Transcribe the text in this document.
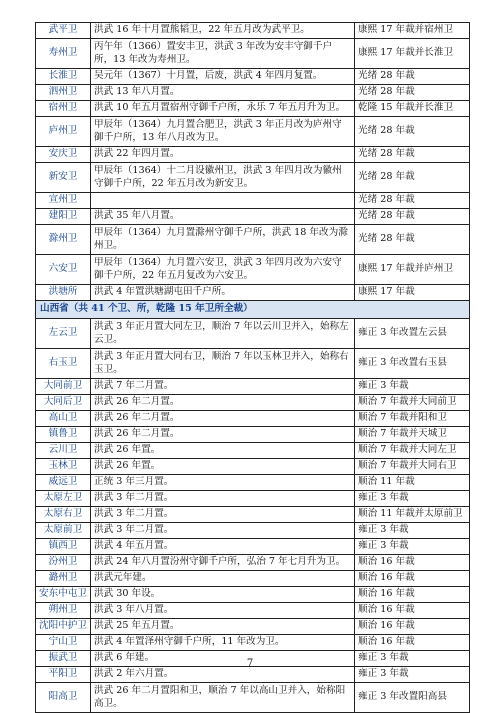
武平卫	洪武 16 年十月置熊韬卫，22 年五月改为武平卫。	康熙 17 年裁并宿州卫
寿州卫	丙午年（1366）置安丰卫，洪武 3 年改为安丰守御千户所，13 年改为寿州卫。	康熙 17 年裁并长淮卫
长淮卫	吴元年（1367）十月置，后废，洪武 4 年四月复置。	光绪 28 年裁
泗州卫	洪武 13 年八月置。	光绪 28 年裁
宿州卫	洪武 10 年五月置宿州守御千户所，永乐 7 年五月升为卫。	乾隆 15 年裁并长淮卫
庐州卫	甲辰年（1364）九月置合肥卫，洪武 3 年正月改为庐州守御千户所，13 年八月改为卫。	光绪 28 年裁
安庆卫	洪武 22 年四月置。	光绪 28 年裁
新安卫	甲辰年（1364）十二月设徽州卫，洪武 3 年四月改为徽州守御千户所，22 年五月改为新安卫。	光绪 28 年裁
宣州卫		光绪 28 年裁
建阳卫	洪武 35 年八月置。	光绪 28 年裁
滁州卫	甲辰年（1364）九月置滁州守御千户所，洪武 18 年改为滁州卫。	光绪 28 年裁
六安卫	甲辰年（1364）九月置六安卫，洪武 3 年四月改为六安守御千户所，22 年五月复改为六安卫。	康熙 17 年裁并庐州卫
洪塘所	洪武 4 年置洪塘湖屯田千户所。	康熙 17 年裁
山西省（共 41 个卫、所，乾隆 15 年卫所全裁）		
左云卫	洪武 3 年正月置大同左卫，顺治 7 年以云川卫并入，始称左云卫。	雍正 3 年改置左云县
右玉卫	洪武 3 年正月置大同右卫，顺治 7 年以玉林卫并入，始称右玉卫。	雍正 3 年改置右玉县
大同前卫	洪武 7 年二月置。	雍正 3 年裁
大同后卫	洪武 26 年二月置。	顺治 7 年裁并大同前卫
高山卫	洪武 26 年二月置。	顺治 7 年裁并阳和卫
镇鲁卫	洪武 26 年二月置。	顺治 7 年裁并天城卫
云川卫	洪武 26 年置。	顺治 7 年裁并大同左卫
玉林卫	洪武 26 年置。	顺治 7 年裁并大同右卫
威远卫	正统 3 年三月置。	顺治 11 年裁
太原左卫	洪武 3 年二月置。	雍正 3 年裁
太原右卫	洪武 3 年二月置。	顺治 11 年裁并太原前卫
太原前卫	洪武 3 年二月置。	雍正 3 年裁
镇西卫	洪武 4 年五月置。	雍正 3 年裁
汾州卫	洪武 24 年八月置汾州守御千户所，弘治 7 年七月升为卫。	顺治 16 年裁
潞州卫	洪武元年建。	顺治 16 年裁
安东中屯卫	洪武 30 年设。	顺治 16 年裁
朔州卫	洪武 3 年八月置。	顺治 16 年裁
沈阳中护卫	洪武 25 年五月置。	顺治 16 年裁
宁山卫	洪武 4 年置泽州守御千户所，11 年改为卫。	顺治 16 年裁
振武卫	洪武 6 年建。	雍正 3 年裁
平阳卫	洪武 2 年六月置。	雍正 3 年裁
阳高卫	洪武 26 年二月置阳和卫，顺治 7 年以高山卫并入，始称阳高卫。	雍正 3 年改置阳高县
7
